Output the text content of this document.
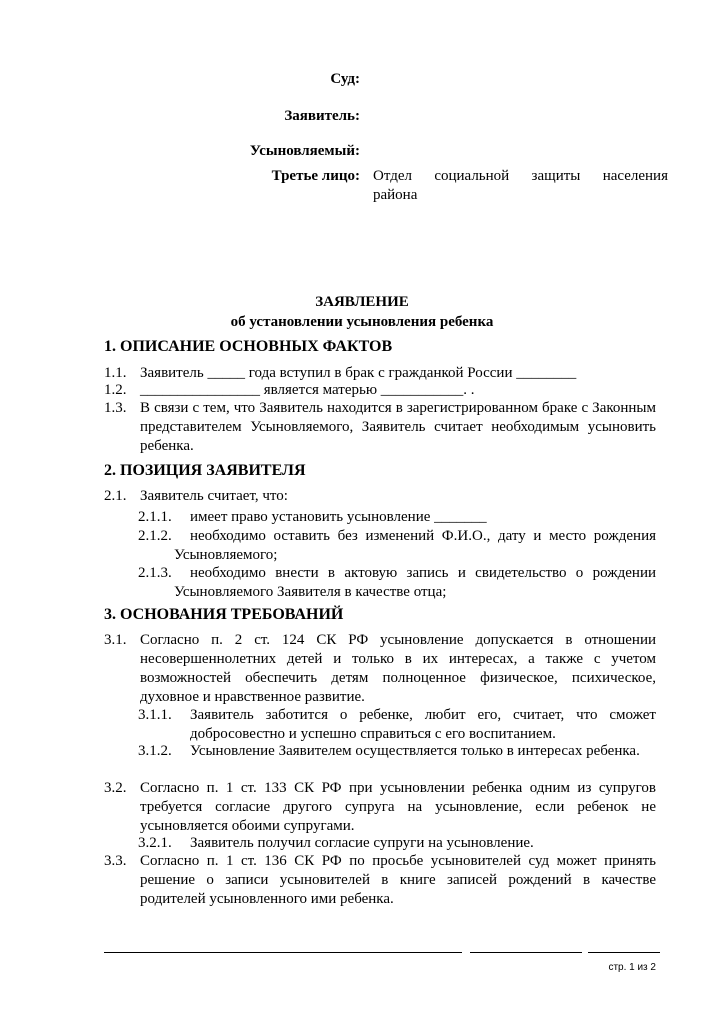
Суд:
Заявитель:
Усыновляемый:
Третье лицо: Отдел социальной защиты населения
района
ЗАЯВЛЕНИЕ
об установлении усыновления ребенка
1. ОПИСАНИЕ ОСНОВНЫХ ФАКТОВ
1.1. Заявитель _____ года вступил в брак с гражданкой России ________
1.2. ________________ является матерью ___________. .
1.3. В связи с тем, что Заявитель находится в зарегистрированном браке с Законным представителем Усыновляемого, Заявитель считает необходимым усыновить ребенка.
2. ПОЗИЦИЯ ЗАЯВИТЕЛЯ
2.1. Заявитель считает, что:
2.1.1. имеет право установить усыновление _______
2.1.2.	необходимо оставить без изменений Ф.И.О., дату и место рождения Усыновляемого;
2.1.3.	необходимо внести в актовую запись и свидетельство о рождении Усыновляемого Заявителя в качестве отца;
3. ОСНОВАНИЯ ТРЕБОВАНИЙ
3.1. Согласно п. 2 ст. 124 СК РФ усыновление допускается в отношении несовершеннолетних детей и только в их интересах, а также с учетом возможностей обеспечить детям полноценное физическое, психическое, духовное и нравственное развитие.
3.1.1.	Заявитель заботится о ребенке, любит его, считает, что сможет добросовестно и успешно справиться с его воспитанием.
3.1.2.	Усыновление Заявителем осуществляется только в интересах ребенка.
3.2. Согласно п. 1 ст. 133 СК РФ при усыновлении ребенка одним из супругов требуется согласие другого супруга на усыновление, если ребенок не усыновляется обоими супругами.
3.2.1.	Заявитель получил согласие супруги на усыновление.
3.3. Согласно п. 1 ст. 136 СК РФ по просьбе усыновителей суд может принять решение о записи усыновителей в книге записей рождений в качестве родителей усыновленного ими ребенка.
стр. 1 из 2
